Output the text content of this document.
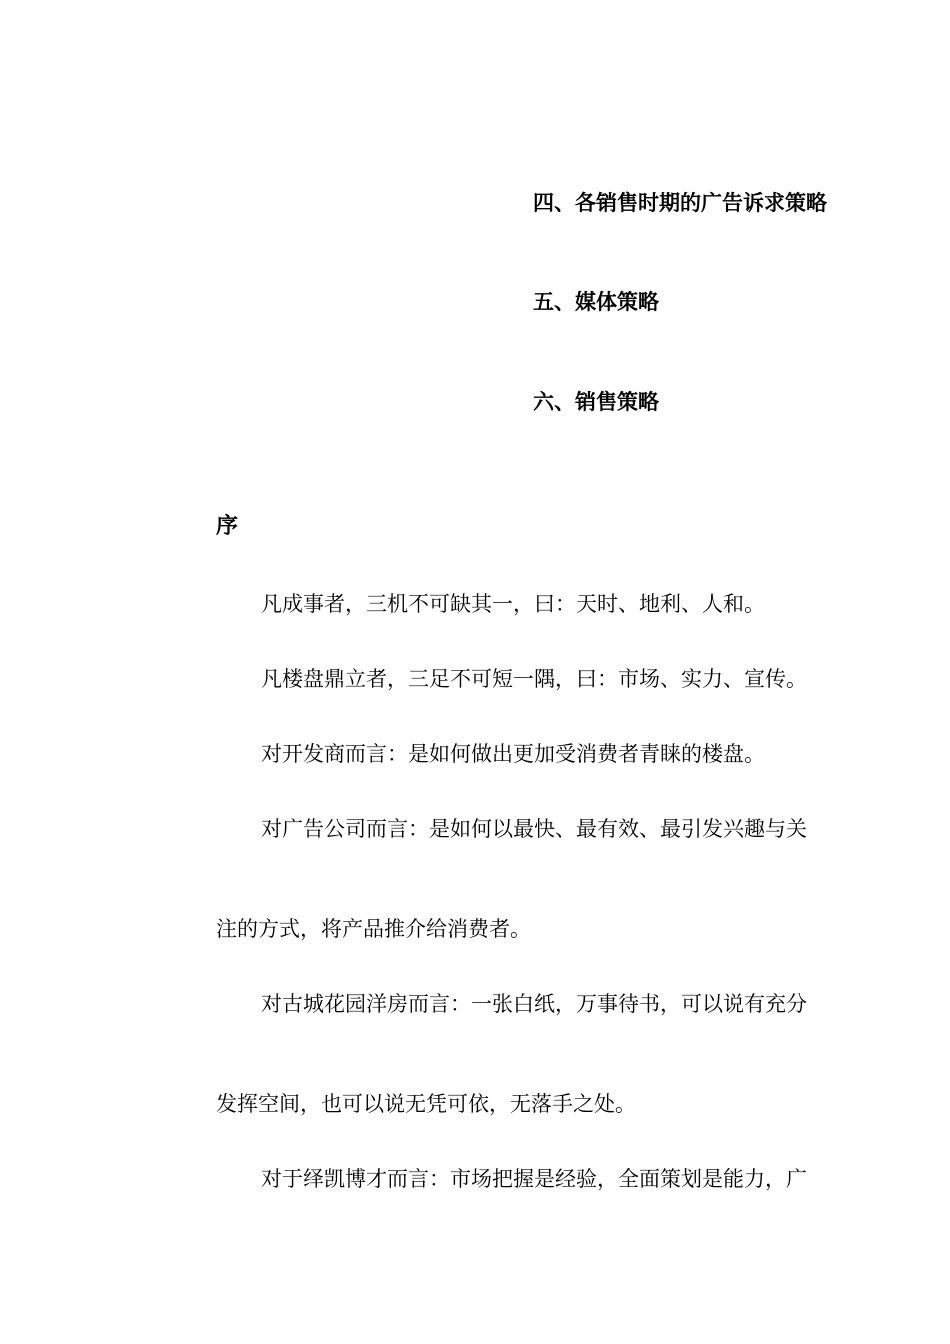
四、各销售时期的广告诉求策略
五、媒体策略
六、销售策略
序
凡成事者，三机不可缺其一，曰：天时、地利、人和。
凡楼盘鼎立者，三足不可短一隅，曰：市场、实力、宣传。
对开发商而言：是如何做出更加受消费者青睐的楼盘。
对广告公司而言：是如何以最快、最有效、最引发兴趣与关
注的方式，将产品推介给消费者。
对古城花园洋房而言：一张白纸，万事待书，可以说有充分
发挥空间，也可以说无凭可依，无落手之处。
对于绎凯博才而言：市场把握是经验，全面策划是能力，广
